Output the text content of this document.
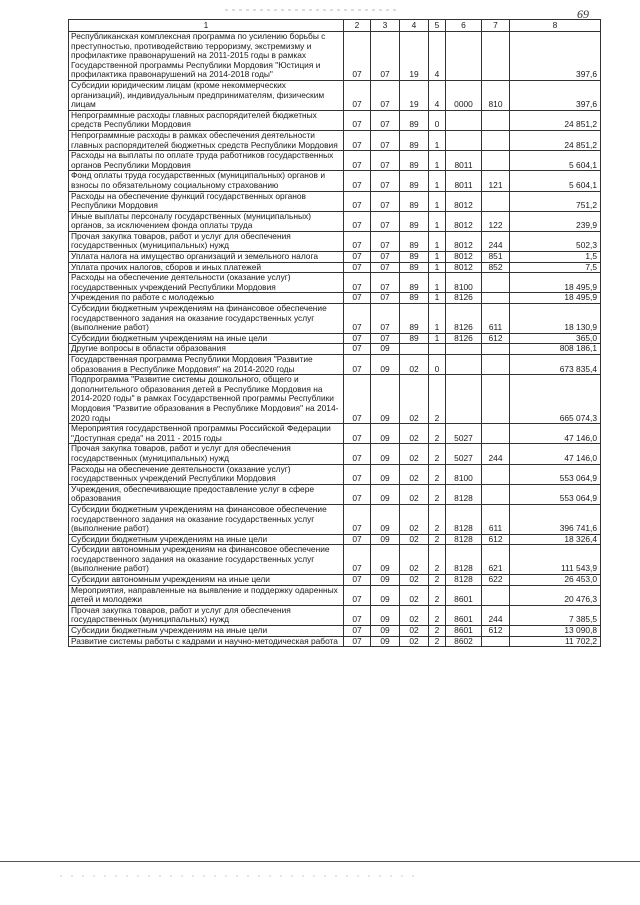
69
1	2	3	4	5	6	7	8
Республиканская комплексная программа по усилению борьбы с преступностью, противодействию терроризму, экстремизму и профилактике правонарушений на 2011-2015 годы в рамках Государственной программы Республики Мордовия "Юстиция и профилактика правонарушений на 2014-2018 годы"	07	07	19	4			397,6
Субсидии юридическим лицам (кроме некоммерческих организаций), индивидуальным предпринимателям, физическим лицам	07	07	19	4	0000	810	397,6
Непрограммные расходы главных распорядителей бюджетных средств Республики Мордовия	07	07	89	0			24 851,2
Непрограммные расходы в рамках обеспечения деятельности главных распорядителей бюджетных средств Республики Мордовия	07	07	89	1			24 851,2
Расходы на выплаты по оплате труда работников государственных органов Республики Мордовия	07	07	89	1	8011		5 604,1
Фонд оплаты труда государственных (муниципальных) органов и взносы по обязательному социальному страхованию	07	07	89	1	8011	121	5 604,1
Расходы на обеспечение функций государственных органов Республики Мордовия	07	07	89	1	8012		751,2
Иные выплаты персоналу государственных (муниципальных) органов, за исключением фонда оплаты труда	07	07	89	1	8012	122	239,9
Прочая закупка товаров, работ и услуг для обеспечения государственных (муниципальных) нужд	07	07	89	1	8012	244	502,3
Уплата налога на имущество организаций и земельного налога	07	07	89	1	8012	851	1,5
Уплата прочих налогов, сборов и иных платежей	07	07	89	1	8012	852	7,5
Расходы на обеспечение деятельности (оказание услуг) государственных учреждений Республики Мордовия	07	07	89	1	8100		18 495,9
Учреждения по работе с молодежью	07	07	89	1	8126		18 495,9
Субсидии бюджетным учреждениям на финансовое обеспечение государственного задания на оказание государственных услуг (выполнение работ)	07	07	89	1	8126	611	18 130,9
Субсидии бюджетным учреждениям на иные цели	07	07	89	1	8126	612	365,0
Другие вопросы в области образования	07	09					808 186,1
Государственная программа Республики Мордовия "Развитие образования в Республике Мордовия" на 2014-2020 годы	07	09	02	0			673 835,4
Подпрограмма "Развитие системы дошкольного, общего и дополнительного образования детей в Республике Мордовия на 2014-2020 годы" в рамках Государственной программы Республики Мордовия "Развитие образования в Республике Мордовия" на 2014-2020 годы	07	09	02	2			665 074,3
Мероприятия государственной программы Российской Федерации "Доступная среда" на 2011 - 2015 годы	07	09	02	2	5027		47 146,0
Прочая закупка товаров, работ и услуг для обеспечения государственных (муниципальных) нужд	07	09	02	2	5027	244	47 146,0
Расходы на обеспечение деятельности (оказание услуг) государственных учреждений Республики Мордовия	07	09	02	2	8100		553 064,9
Учреждения, обеспечивающие предоставление услуг в сфере образования	07	09	02	2	8128		553 064,9
Субсидии бюджетным учреждениям на финансовое обеспечение государственного задания на оказание государственных услуг (выполнение работ)	07	09	02	2	8128	611	396 741,6
Субсидии бюджетным учреждениям на иные цели	07	09	02	2	8128	612	18 326,4
Субсидии автономным учреждениям на финансовое обеспечение государственного задания на оказание государственных услуг (выполнение работ)	07	09	02	2	8128	621	111 543,9
Субсидии автономным учреждениям на иные цели	07	09	02	2	8128	622	26 453,0
Мероприятия, направленные на выявление и поддержку одаренных детей и молодежи	07	09	02	2	8601		20 476,3
Прочая закупка товаров, работ и услуг для обеспечения государственных (муниципальных) нужд	07	09	02	2	8601	244	7 385,5
Субсидии бюджетным учреждениям на иные цели	07	09	02	2	8601	612	13 090,8
Развитие системы работы с кадрами и научно-методическая работа	07	09	02	2	8602		11 702,2
